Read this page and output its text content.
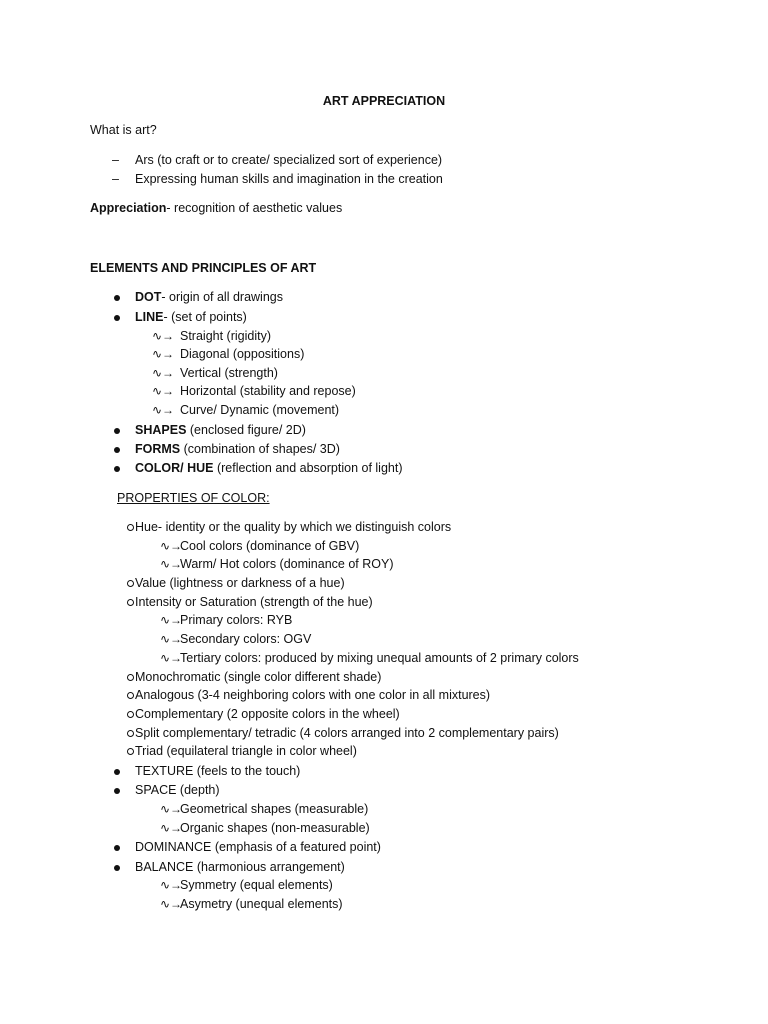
ART APPRECIATION
What is art?
– Ars (to craft or to create/ specialized sort of experience)
– Expressing human skills and imagination in the creation
Appreciation- recognition of aesthetic values
ELEMENTS AND PRINCIPLES OF ART
DOT- origin of all drawings
LINE- (set of points)
∿→ Straight (rigidity)
∿→ Diagonal (oppositions)
∿→ Vertical (strength)
∿→ Horizontal (stability and repose)
∿→ Curve/ Dynamic (movement)
SHAPES (enclosed figure/ 2D)
FORMS (combination of shapes/ 3D)
COLOR/ HUE (reflection and absorption of light)
PROPERTIES OF COLOR:
Hue- identity or the quality by which we distinguish colors
∿→
Cool colors (dominance of GBV)
∿→
Warm/ Hot colors (dominance of ROY)
Value (lightness or darkness of a hue)
Intensity or Saturation (strength of the hue)
∿→
Primary colors: RYB
∿→
Secondary colors: OGV
∿→
Tertiary colors: produced by mixing unequal amounts of 2 primary colors
Monochromatic (single color different shade)
Analogous (3-4 neighboring colors with one color in all mixtures)
Complementary (2 opposite colors in the wheel)
Split complementary/ tetradic (4 colors arranged into 2 complementary pairs)
Triad (equilateral triangle in color wheel)
TEXTURE (feels to the touch)
SPACE (depth)
∿→
Geometrical shapes (measurable)
∿→
Organic shapes (non-measurable)
DOMINANCE (emphasis of a featured point)
BALANCE (harmonious arrangement)
∿→
Symmetry (equal elements)
∿→
Asymetry (unequal elements)
